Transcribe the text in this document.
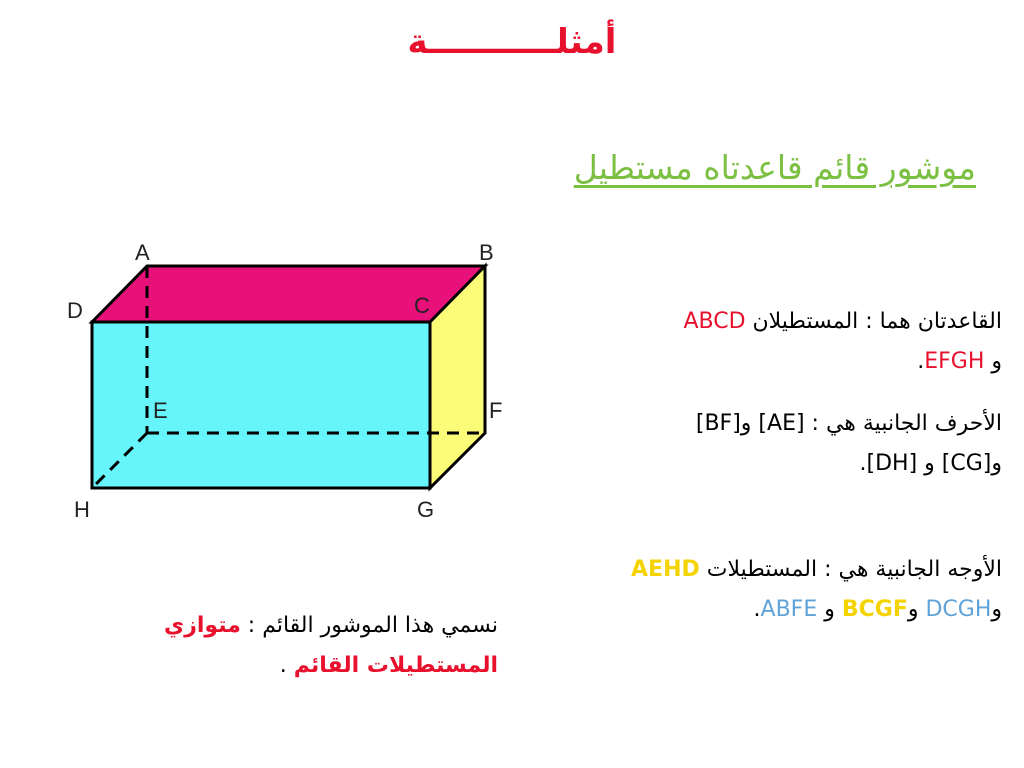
أمثلـــــــــــة
موشور قائم قاعدتاه مستطيل
A	B
C
D
E	F
G
H
القاعدتان هما : المستطيلان ABCD
و EFGH.
الأحرف الجانبية هي : [AE] و[BF]
و[CG] و [DH].
الأوجه الجانبية هي : المستطيلات AEHD
وDCGH وBCGF و ABFE.
نسمي هذا الموشور القائم : متوازي المستطيلات القائم .
